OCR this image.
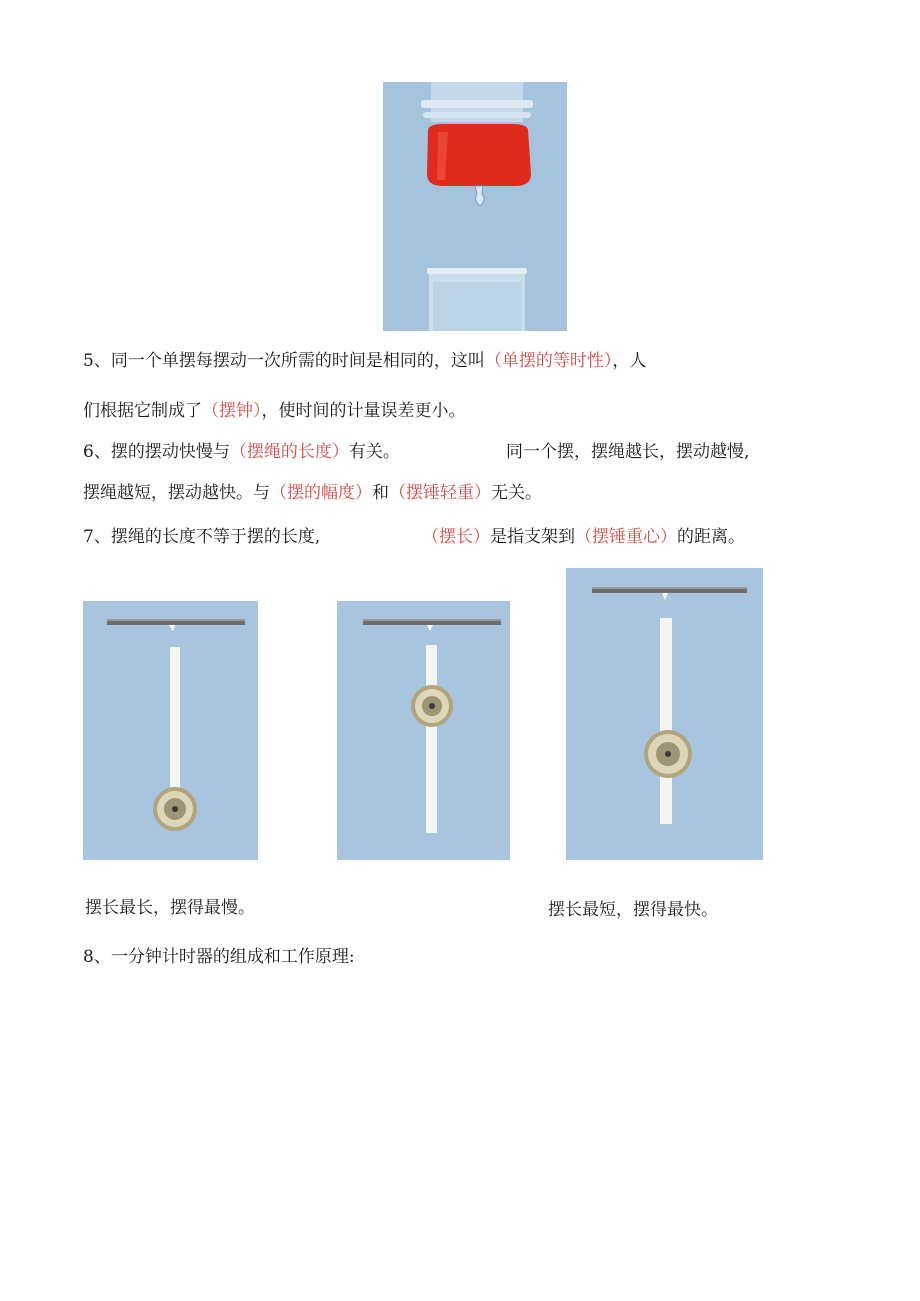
5、同一个单摆每摆动一次所需的时间是相同的，这叫（单摆的等时性），人
们根据它制成了（摆钟），使时间的计量误差更小。
6、摆的摆动快慢与（摆绳的长度）有关。	同一个摆，摆绳越长，摆动越慢,
摆绳越短，摆动越快。与（摆的幅度）和（摆锤轻重）无关。
7、摆绳的长度不等于摆的长度,	（摆长）是指支架到（摆锤重心）的距离。
摆长最长，摆得最慢。	摆长最短，摆得最快。
8、一分钟计时器的组成和工作原理:
